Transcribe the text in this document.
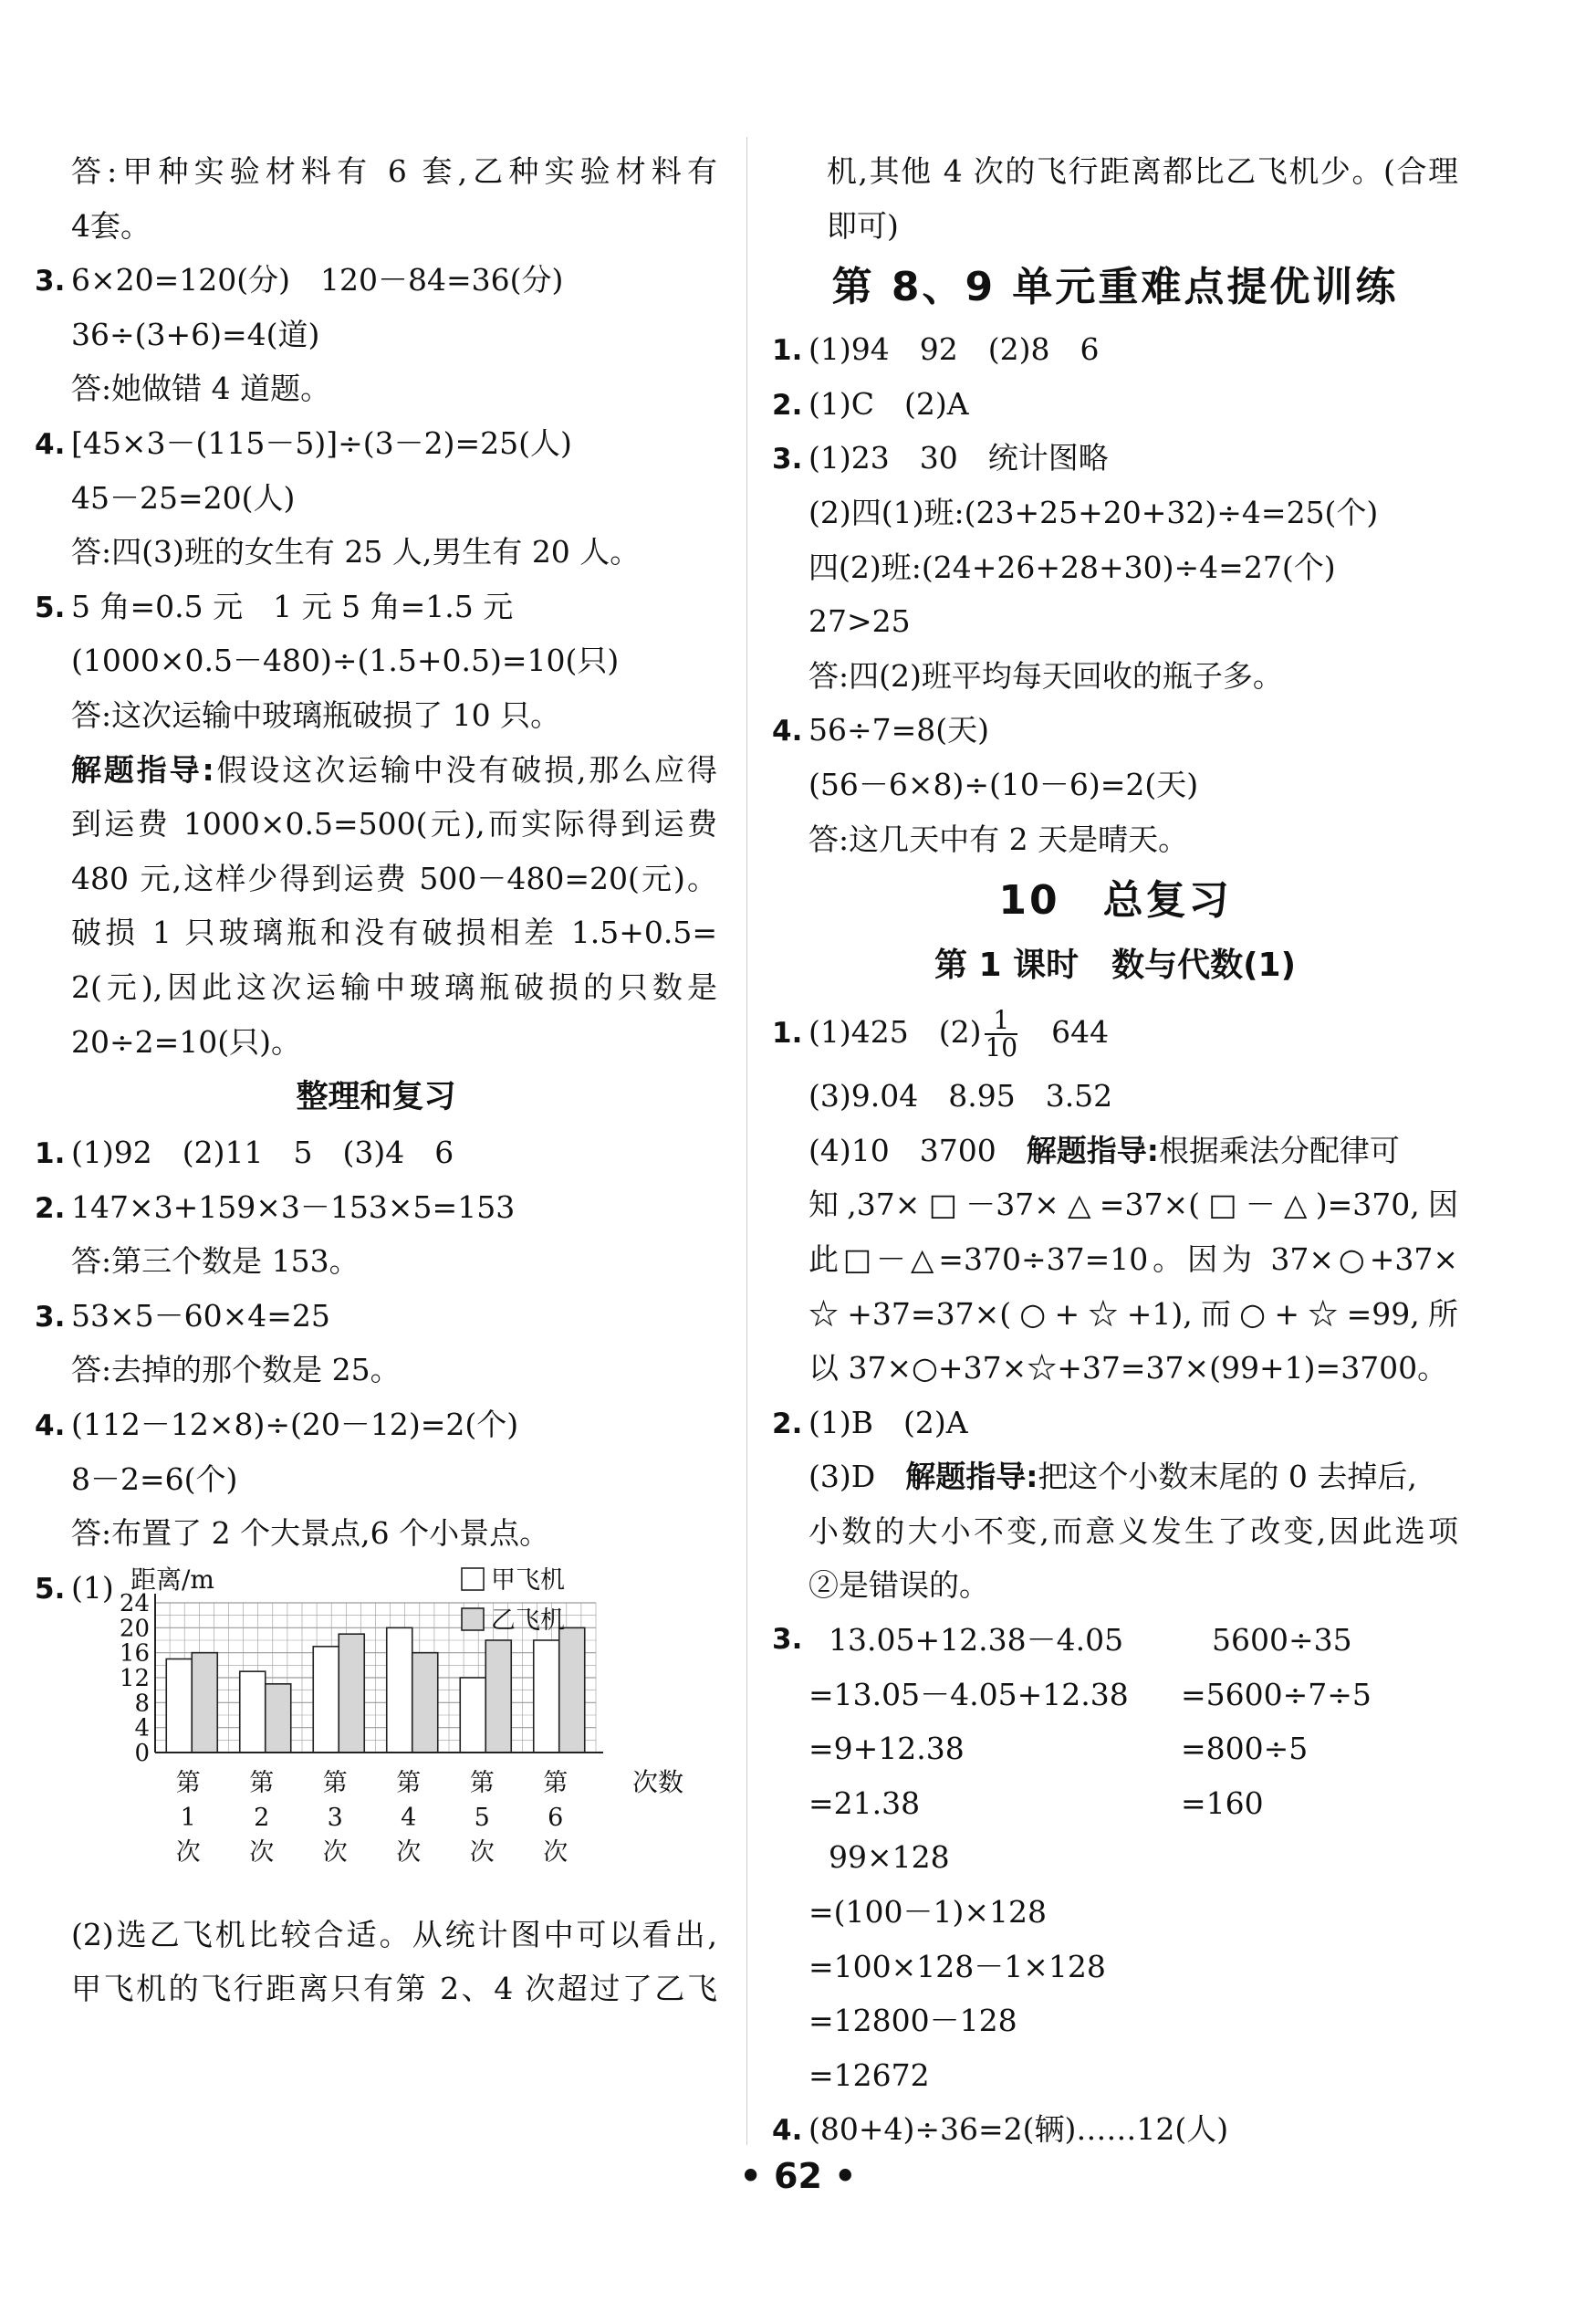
答:甲种实验材料有 6 套,乙种实验材料有
4套。
3. 6×20=120(分)　120－84=36(分)
36÷(3+6)=4(道)
答:她做错 4 道题。
4. [45×3－(115－5)]÷(3－2)=25(人)
45－25=20(人)
答:四(3)班的女生有 25 人,男生有 20 人。
5. 5 角=0.5 元　1 元 5 角=1.5 元
(1000×0.5－480)÷(1.5+0.5)=10(只)
答:这次运输中玻璃瓶破损了 10 只。
解题指导:假设这次运输中没有破损,那么应得
到运费 1000×0.5=500(元),而实际得到运费
480 元,这样少得到运费 500－480=20(元)。
破损 1 只玻璃瓶和没有破损相差 1.5+0.5=
2(元),因此这次运输中玻璃瓶破损的只数是
20÷2=10(只)。
整理和复习
1. (1)92　(2)11　5　(3)4　6
2. 147×3+159×3－153×5=153
答:第三个数是 153。
3. 53×5－60×4=25
答:去掉的那个数是 25。
4. (112－12×8)÷(20－12)=2(个)
8－2=6(个)
答:布置了 2 个大景点,6 个小景点。
5. (1)
0
4
8
12
16
20
24
距离/m
次数
第
1
次
第
2
次
第
3
次
第
4
次
第
5
次
第
6
次
甲飞机
乙飞机
(2)选乙飞机比较合适。从统计图中可以看出,
甲飞机的飞行距离只有第 2、4 次超过了乙飞
机,其他 4 次的飞行距离都比乙飞机少。(合理
即可)
第 8、9 单元重难点提优训练
1. (1)94　92　(2)8　6
2. (1)C　(2)A
3. (1)23　30　统计图略
(2)四(1)班:(23+25+20+32)÷4=25(个)
四(2)班:(24+26+28+30)÷4=27(个)
27>25
答:四(2)班平均每天回收的瓶子多。
4. 56÷7=8(天)
(56－6×8)÷(10－6)=2(天)
答:这几天中有 2 天是晴天。
10　总复习
第 1 课时　数与代数(1)
1. (1)425　$(2) \frac{1}{10}$
　 644
(3)9.04　8.95　3.52
(4)10　3700　解题指导:根据乘法分配律可
知,37×□－37×△=37×(□－△)=370,因
此□－△=370÷37=10。因为 37×○+37×
☆+37=37×(○+☆+1),而○+☆=99,所
以 37×○+37×☆+37=37×(99+1)=3700。
2. (1)B　(2)A
(3)D　解题指导:把这个小数末尾的 0 去掉后,
小数的大小不变,而意义发生了改变,因此选项
②是错误的。
3. 13.05+12.38－4.05	5600÷35
=13.05－4.05+12.38 =5600÷7÷5
=9+12.38	=800÷5
=21.38	=160
99×128
=(100－1)×128
=100×128－1×128
=12800－128
=12672
4. (80+4)÷36=2(辆)……12(人)
• 62 •
